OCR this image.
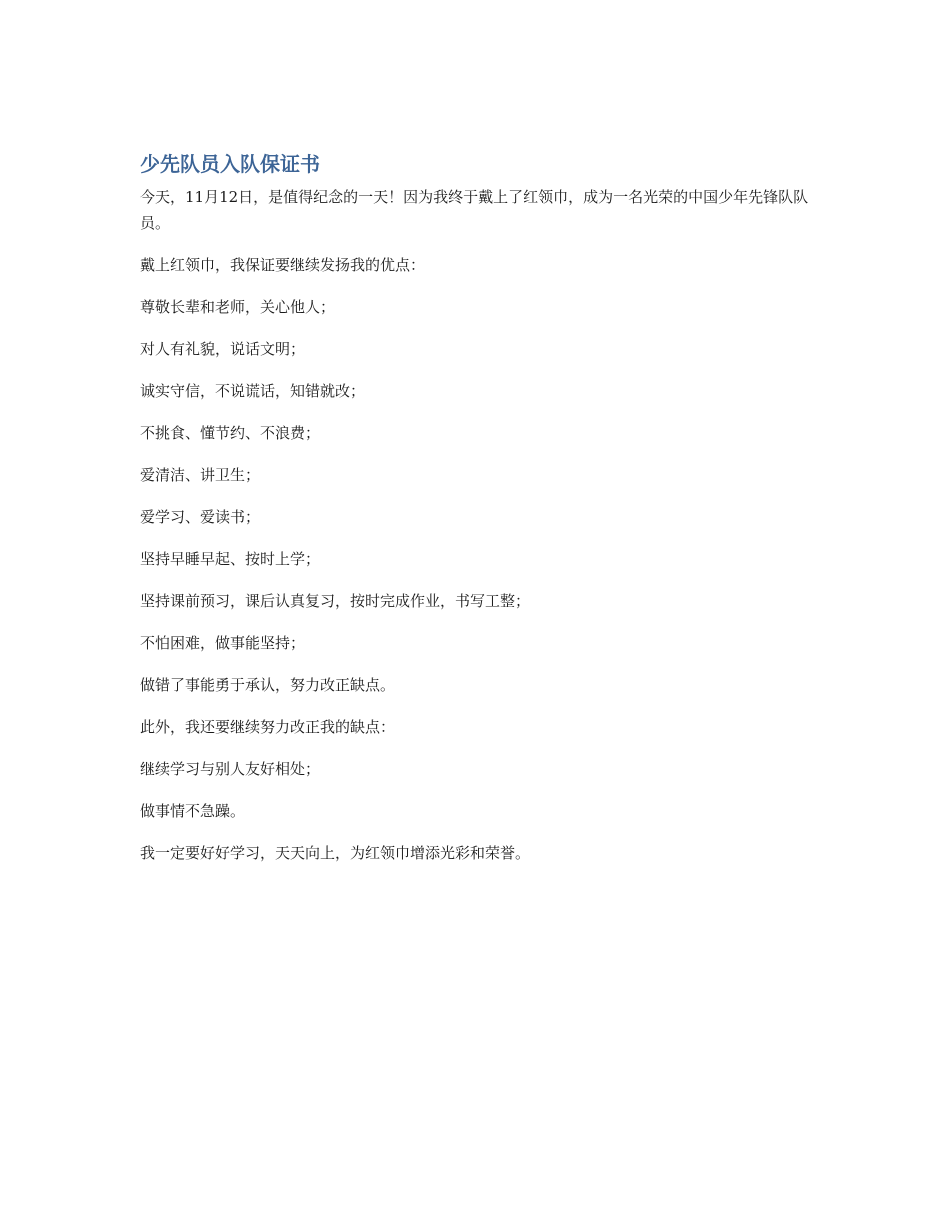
少先队员入队保证书

今天，11月12日，是值得纪念的一天！因为我终于戴上了红领巾，成为一名光荣的中国少年先锋队队员。

戴上红领巾，我保证要继续发扬我的优点：

尊敬长辈和老师，关心他人；

对人有礼貌，说话文明；

诚实守信，不说谎话，知错就改；

不挑食、懂节约、不浪费；

爱清洁、讲卫生；

爱学习、爱读书；

坚持早睡早起、按时上学；

坚持课前预习，课后认真复习，按时完成作业，书写工整；

不怕困难，做事能坚持；

做错了事能勇于承认，努力改正缺点。

此外，我还要继续努力改正我的缺点：

继续学习与别人友好相处；

做事情不急躁。

我一定要好好学习，天天向上，为红领巾增添光彩和荣誉。
